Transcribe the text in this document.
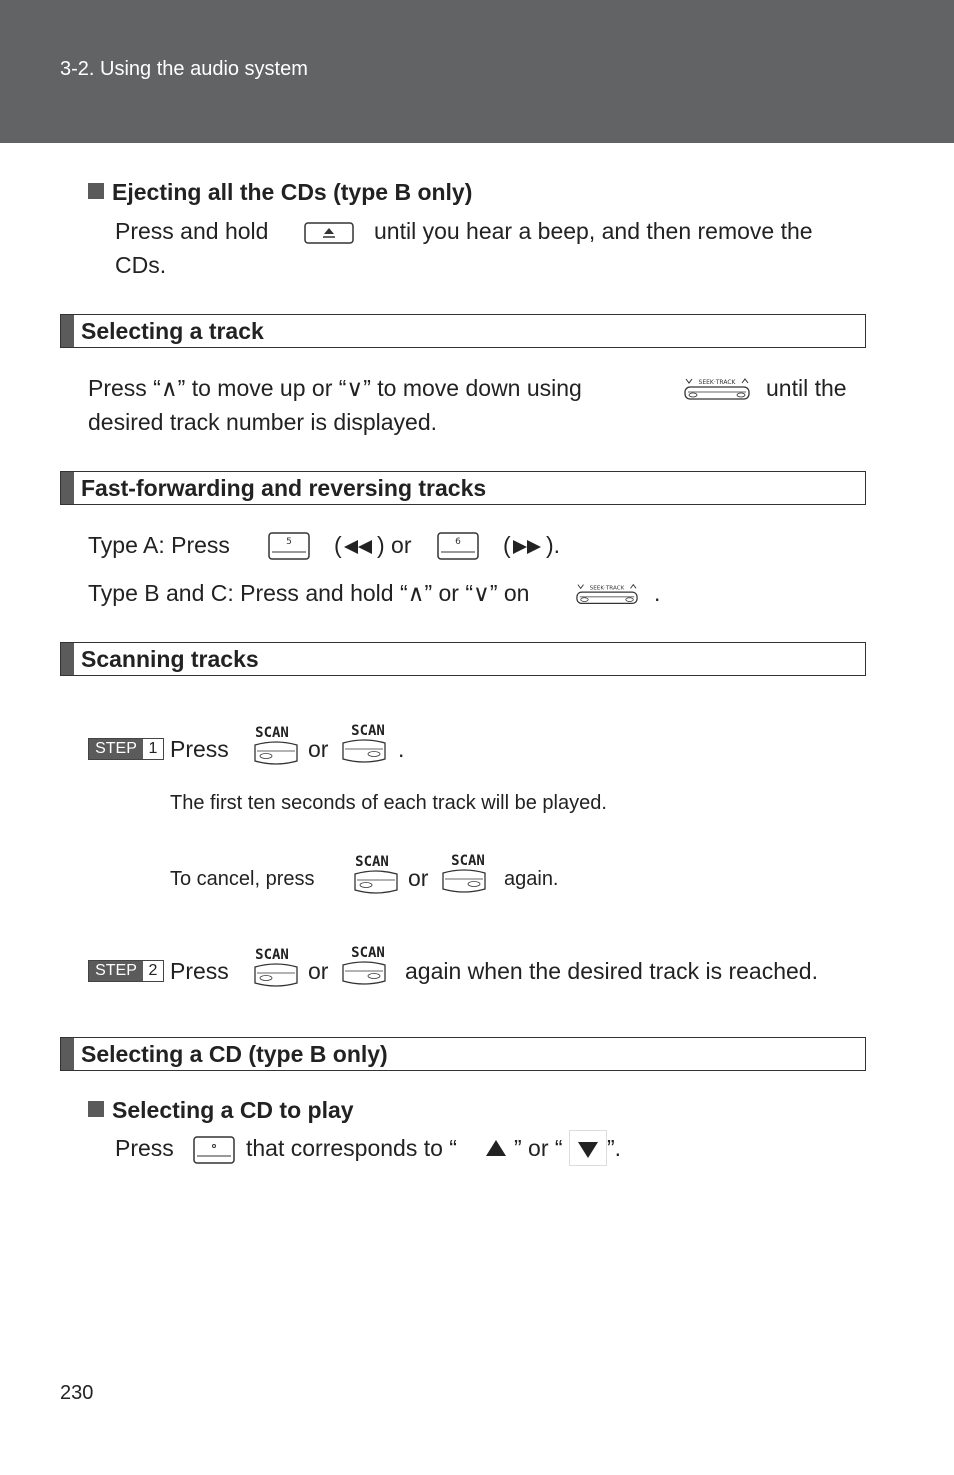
3-2. Using the audio system
Ejecting all the CDs (type B only)
Press and hold	until you hear a beep, and then remove the
CDs.
Selecting a track
Press “∧” to move up or “∨” to move down using	SEEK·TRACK until the
desired track number is displayed.
Fast-forwarding and reversing tracks
Type A: Press	5 ( ) or	6 ( ).
Type B and C: Press and hold “∧” or “∨” on	SEEK·TRACK .
Scanning tracks
STEP 1 Press
SCAN
or
SCAN
.
The first ten seconds of each track will be played.
To cancel, press
SCAN
or
SCAN
again.
STEP 2 Press
SCAN
or
SCAN
again when the desired track is reached.
Selecting a CD (type B only)
Selecting a CD to play
Press	that corresponds to “ ” or “ ”.
230
